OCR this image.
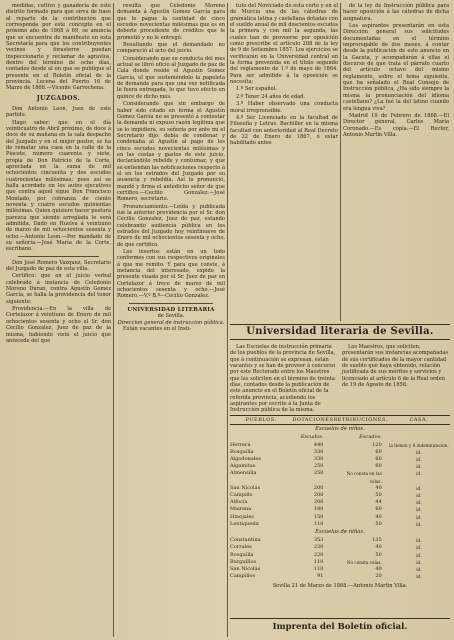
medidas, cultivo y ganadería de este distrito formado para que sirva de base al reparto de la contribución que corresponda por este concepto en el próximo año de 1868 á 69, se anuncia que se encuentra de manifiesto en esta Secretaría para que los contribuyentes vecinos y forasteros puedan inspeccionarlo y reclamar de agravios, dentro del término de ocho días, contados desde el en que se publique el presente en el Boletín oficial de la provincia. Lucena del Puerto 16 de Marzo de 1868.—Vicente Garrochena.

JUZGADOS.

Don Antonio Leon, Juez de este partido.

Hago saber: que en el día veinticuatro de Abril próximo, de doce á doce de su mañana en la sala despacho del Juzgado y en el mejor postor, se ha de rematar una casa en la calle de la Piacete, número cuarenta y siete, propia de Don Patricio de la Corte, apreciada en la suma de mil ochocientos cincuenta y dos escudos cuatrocientas milésimas; pues así se halla acordado en los autos ejecutivos que contra aquel sigue Don Francisco Montado, por cobranza de ciento noventa y cuatro escudos quinientas milésimas. Quien quisiere hacer postura parezca que siendo arreglada le será admitida. Dado en Huelva á veintiuno de marzo de mil ochocientos sesenta y ocho.—Antonio Leon.—Por mandado de su señoría.—José María de la Corte, escribano.

Don José Romero Vazquez, Secretario del Juzgado de paz de esta villa.

Certifico: que en el juicio verbal celebrado á instancia de Celedonio Moreno Duran, contra Agustín Gomez García, se halla la providencia del tenor siguiente:

Providencia.—En la villa de Cortelazor á veintiuno de Enero de mil ochocientos sesenta y ocho el Sr. don Cecilio Gonzalez, Juez de paz de la misma, habiendo visto el juicio que antecede del que

resulta que Celedonio Moreno demanda á Agustín Gomez García para que le pague la cantidad de cinco escudos novecientas milésimas que es en deberle procedente de créditos que le prometió y no le entregó.

Resultando que el demandado no compareció al acto del juicio.

Considerando que su conducta del mes actual se libró oficio al Juzgado de paz de Cala donde reside el Agustín Gomez García, el que sosteniéndolo la papeleta de demanda para que una vez notificada le fuera entregada, lo que tuvo efecto en quince de dicho mes.

Considerando que sin embargo de haber sido citado en forma el Agustín Gomez García no se presentó á contestar la demanda ni expuso razón legítima que se lo impidiera, su señoría por ante mí el Secretario dijo: debía de condenar y condenaba al Agustín al pago de los cinco escudos novecientas milésimas y en las costas y gastos de este juicio, declarándolo rebelde y contumaz, y que se entiendan las notificaciones respecto á el en los estrados del Juzgado por su ausencia y rebeldía. Así lo pronunció, mandó y firma el antedicho señor de que certifico.—Cecilio Gonzalez.—José Romero, secretario.

Pronunciamiento.—Leída y publicada fué la anterior providencia por el Sr. don Cecilio Gonzalez, Juez de paz, estando celebrando audiencia pública en los estrados del Juzgado hoy veintinueve de Enero de mil ochocientos sesenta y ocho, de que certifico.

Los insertos están en un todo conformes con sus respectivos originales á que me remito. Y para que conste, á instancia del interesado, expido la presente visada por el Sr. Juez de paz en Cortelazor á trece de marzo de mil ochocientos sesenta y ocho.—José Romero.—V.º B.º—Cecilio Gonzalez.

UNIVERSIDAD LITERARIA
de Sevilla.
Direccion general de instruccion pública.

Están vacantes en el Insti-

tuto del Noviciado de esta corte y en el de Murcia una de las cátedras de gramática latina y castellana dotadas con el sueldo anual de mil doscientos escudos la primera y con mil la segunda, las cuales han de proveerse por oposición como prescribe el artículo 208 de la ley de 9 de Setiembre 1857. Los ejercicios se verificarán en la Universidad central en la forma prevenida en el título segundo del reglamento de 1.º de mayo de 1864. Para ser admitido á la oposición se necesita:

1.º Ser español.

2.º Tener 24 años de edad.

3.º Haber observado una conducta moral irreprensible.

4.º Ser Licenciado en la facultad de Filosofía y Letras. Bachiller en la misma facultad con anterioridad al Real Decreto de 22 de Enero de 1867, ó estar habilitado antes

de la ley de Instrucción pública para hacer oposición á las cátedras de dicha asignatura.

Los aspirantes presentarán en esta Dirección general sus solicitudes documentadas en el término improrogable de dos meses, á contar desde la publicación de este anuncio en la Gaceta, y acompañarán á ellas el discurso de que trata el párrafo cuarto del artículo octavo del mismo reglamento, sobre el tema siguiente, que ha señalado el Real Consejo de Instrucción pública, ¿Ha sido siempre la misma la pronunciación del idioma castellano? ¿La fué la del latino cuando era lengua viva?

Madrid 19 de Febrero de 1868.—El Director general, Carlos María Coronado.—Es copia.—El Rector, Antonio Martin Villa.

Universidad literaria de Sevilla.

Las Escuelas de instrucción primaria de los pueblos de la provincia de Sevilla, que á continuación se expresan, están vacantes y se han de proveer á concurso por este Rectorado entre los Maestros que las soliciten en el término de treinta días, contados desde la publicación de este anuncio en el Boletín oficial de la referida provincia, acudiendo los aspirantes por escrito á la Junta de Instrucción pública de la misma.

Los Maestros, que soliciten, presentarán sus instancias acompañadas de sus certificados de la mayor cantidad de sueldo que haya obtenido, relación justificada de sus méritos y servicios y licenciado al artículo 6 de la Real orden de 19 de Agosto de 1858.

PUEBLOS.	DOTACIONES	RETRIBUCIONES.	CASA.
Escuelas de niños.			
	Escudos.	Escudos.	
Herrera	440	120	la tienen y 8 indemnizacion.
Rosquilla	330	60	id.
Algodonales	330	60	id.
Algamitas	250	60	id.
Almensilla	250	No consta en las colas.	id.
San Nicolás	200	40	id.
Campillo	200	50	id.
Alfocía	200	44	id.
Mairena	180	60	id.
Hinojales	150	40	id.
Lentiqueda	110	50	id.
Escuelas de niñas.			
Constantina	353	135	id.
Corrales	220	40	id.
Rosquilla	220	50	id.
Burguillos	110	No consta celas.	id.
San Nicolás	110	40	id.
Campillos	91	20	id.
Sevilla 21 de Marzo de 1868.—Antonio Martin Villa.
Imprenta del Boletín oficial.
